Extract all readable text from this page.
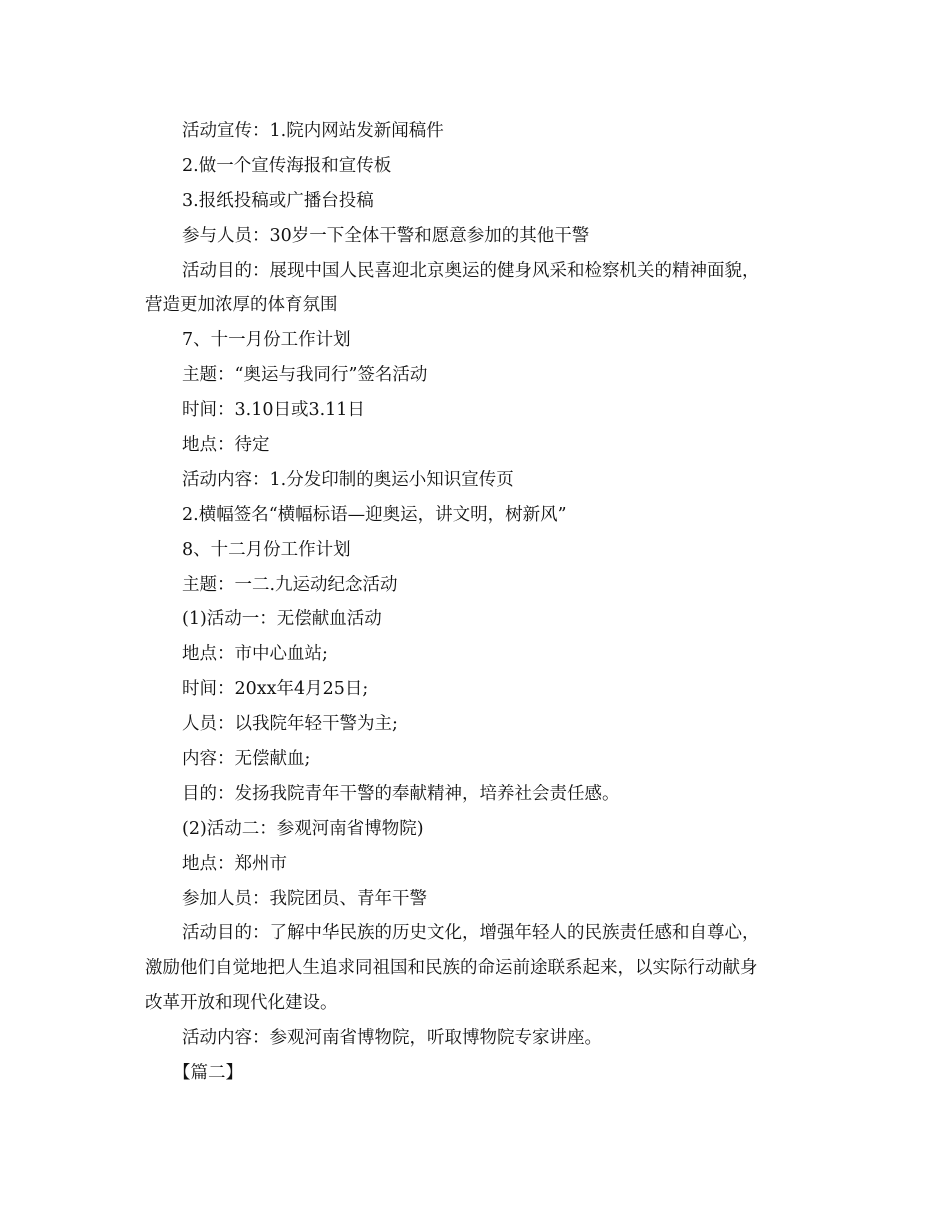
活动宣传：1.院内网站发新闻稿件
2.做一个宣传海报和宣传板
3.报纸投稿或广播台投稿
参与人员：30岁一下全体干警和愿意参加的其他干警
活动目的：展现中国人民喜迎北京奥运的健身风采和检察机关的精神面貌，
营造更加浓厚的体育氛围
7、十一月份工作计划
主题：“奥运与我同行”签名活动
时间：3.10日或3.11日
地点：待定
活动内容：1.分发印制的奥运小知识宣传页
2.横幅签名“横幅标语—迎奥运，讲文明，树新风”
8、十二月份工作计划
主题：一二.九运动纪念活动
(1)活动一：无偿献血活动
地点：市中心血站;
时间：20xx年4月25日;
人员：以我院年轻干警为主;
内容：无偿献血;
目的：发扬我院青年干警的奉献精神，培养社会责任感。
(2)活动二：参观河南省博物院)
地点：郑州市
参加人员：我院团员、青年干警
活动目的：了解中华民族的历史文化，增强年轻人的民族责任感和自尊心，
激励他们自觉地把人生追求同祖国和民族的命运前途联系起来，以实际行动献身
改革开放和现代化建设。
活动内容：参观河南省博物院，听取博物院专家讲座。
【篇二】
